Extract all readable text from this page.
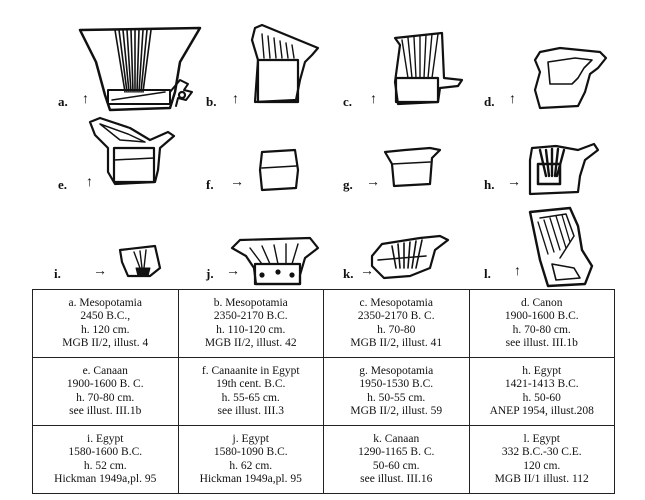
a. ↑	b. ↑	c. ↑	d. ↑
e. ↑	f. →	g. →	h. →
i. →	j. →	k. →	l. ↑
a. Mesopotamia
2450 B.C.,
h. 120 cm.
MGB II/2, illust. 4	b. Mesopotamia
2350-2170 B.C.
h. 110-120 cm.
MGB II/2, illust. 42	c. Mesopotamia
2350-2170 B. C.
h. 70-80
MGB II/2, illust. 41	d. Canon
1900-1600 B.C.
h. 70-80 cm.
see illust. III.1b

e. Canaan
1900-1600 B. C.
h. 70-80 cm.
see illust. III.1b	f. Canaanite in Egypt
19th cent. B.C.
h. 55-65 cm.
see illust. III.3	g. Mesopotamia
1950-1530 B.C.
h. 50-55 cm.
MGB II/2, illust. 59	h. Egypt
1421-1413 B.C.
h. 50-60
ANEP 1954, illust.208

i. Egypt
1580-1600 B.C.
h. 52 cm.
Hickman 1949a,pl. 95	j. Egypt
1580-1090 B.C.
h. 62 cm.
Hickman 1949a,pl. 95	k. Canaan
1290-1165 B. C.
50-60 cm.
see illust. III.16	l. Egypt
332 B.C.-30 C.E.
120 cm.
MGB II/1 illust. 112
